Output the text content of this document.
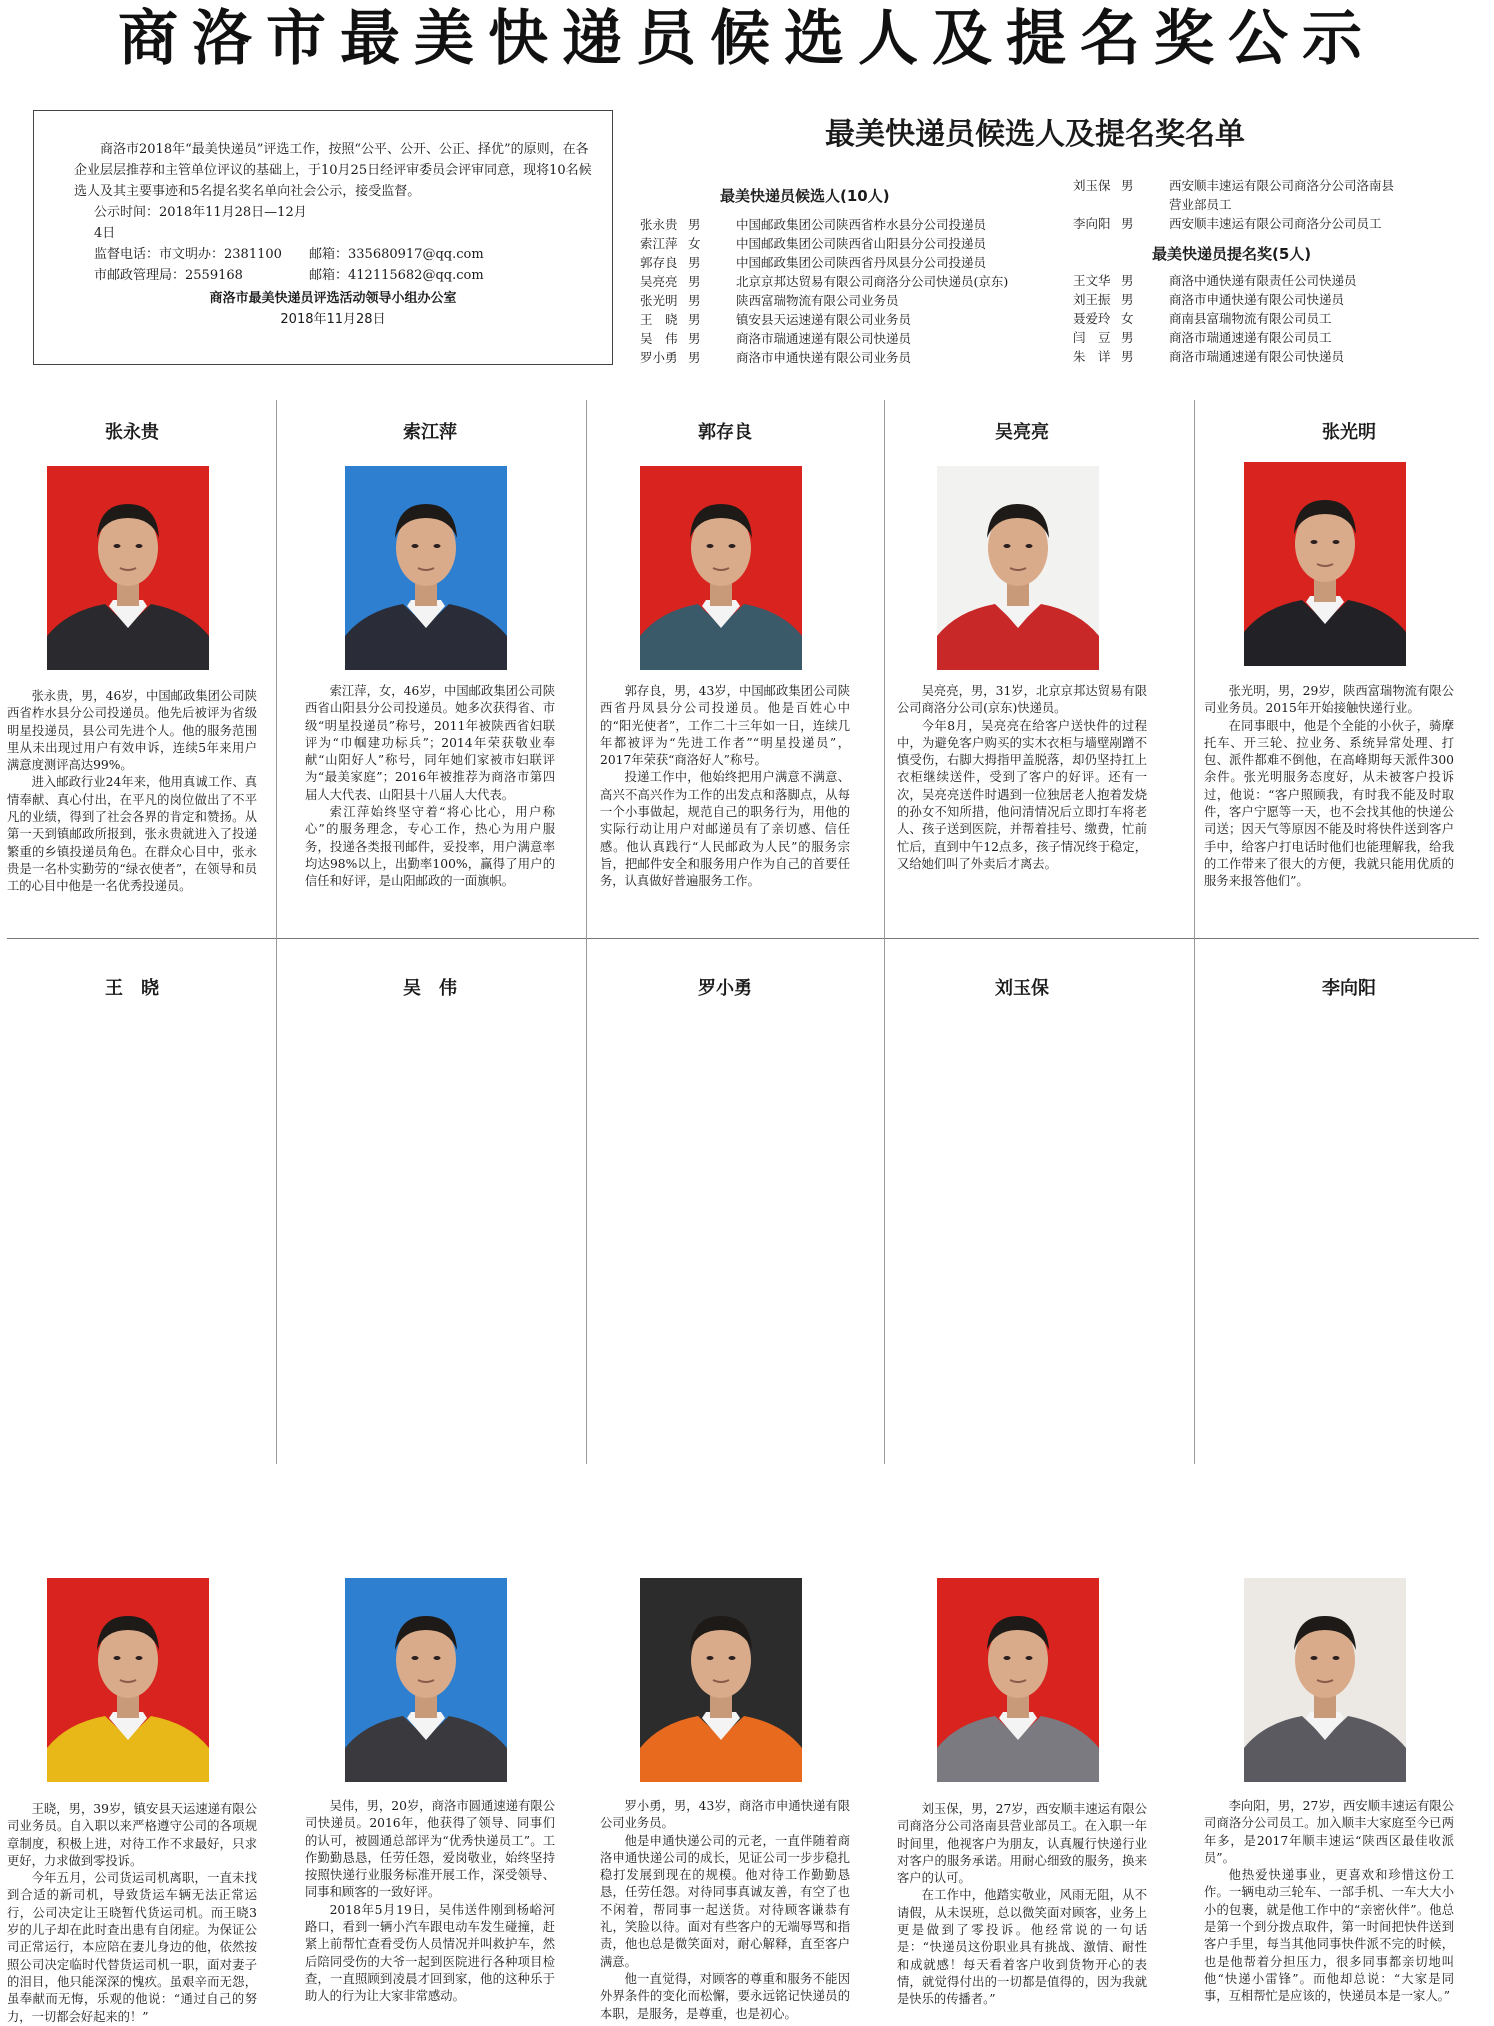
商洛市最美快递员候选人及提名奖公示

商洛市2018年“最美快递员”评选工作，按照“公平、公开、公正、择优”的原则，在各企业层层推荐和主管单位评议的基础上，于10月25日经评审委员会评审同意，现将10名候选人及其主要事迹和5名提名奖名单向社会公示，接受监督。

公示时间：2018年11月28日—12月4日

监督电话：市文明办：2381100	邮箱：335680917@qq.com

市邮政管理局：2559168	邮箱：412115682@qq.com

商洛市最美快递员评选活动领导小组办公室

2018年11月28日

最美快递员候选人及提名奖名单
最美快递员候选人(10人)
张永贵 男	中国邮政集团公司陕西省柞水县分公司投递员
索江萍 女	中国邮政集团公司陕西省山阳县分公司投递员
郭存良 男	中国邮政集团公司陕西省丹凤县分公司投递员
吴亮亮 男	北京京邦达贸易有限公司商洛分公司快递员(京东)
张光明 男	陕西富瑞物流有限公司业务员
王　晓 男	镇安县天运速递有限公司业务员
吴　伟 男	商洛市瑞通速递有限公司快递员
罗小勇 男	商洛市申通快递有限公司业务员
刘玉保 男	西安顺丰速运有限公司商洛分公司洛南县
营业部员工
李向阳 男	西安顺丰速运有限公司商洛分公司员工
最美快递员提名奖(5人)
王文华 男	商洛中通快递有限责任公司快递员
刘王振 男	商洛市申通快递有限公司快递员
聂爱玲 女	商南县富瑞物流有限公司员工
闫　豆 男	商洛市瑞通速递有限公司员工
朱　详 男	商洛市瑞通速递有限公司快递员
张永贵

张永贵，男，46岁，中国邮政集团公司陕西省柞水县分公司投递员。他先后被评为省级明星投递员，县公司先进个人。他的服务范围里从未出现过用户有效申诉，连续5年来用户满意度测评高达99%。

进入邮政行业24年来，他用真诚工作、真情奉献、真心付出，在平凡的岗位做出了不平凡的业绩，得到了社会各界的肯定和赞扬。从第一天到镇邮政所报到，张永贵就进入了投递繁重的乡镇投递员角色。在群众心目中，张永贵是一名朴实勤劳的“绿衣使者”，在领导和员工的心目中他是一名优秀投递员。

索江萍

索江萍，女，46岁，中国邮政集团公司陕西省山阳县分公司投递员。她多次获得省、市级“明星投递员”称号，2011年被陕西省妇联评为“巾帼建功标兵”；2014年荣获敬业奉献“山阳好人”称号，同年她们家被市妇联评为“最美家庭”；2016年被推荐为商洛市第四届人大代表、山阳县十八届人大代表。

索江萍始终坚守着“将心比心，用户称心”的服务理念，专心工作，热心为用户服务，投递各类报刊邮件，妥投率，用户满意率均达98%以上，出勤率100%，赢得了用户的信任和好评，是山阳邮政的一面旗帜。

郭存良

郭存良，男，43岁，中国邮政集团公司陕西省丹凤县分公司投递员。他是百姓心中的“阳光使者”，工作二十三年如一日，连续几年都被评为“先进工作者”“明星投递员”，2017年荣获“商洛好人”称号。

投递工作中，他始终把用户满意不满意、高兴不高兴作为工作的出发点和落脚点，从每一个小事做起，规范自己的职务行为，用他的实际行动让用户对邮递员有了亲切感、信任感。他认真践行“人民邮政为人民”的服务宗旨，把邮件安全和服务用户作为自己的首要任务，认真做好普遍服务工作。

吴亮亮

吴亮亮，男，31岁，北京京邦达贸易有限公司商洛分公司(京东)快递员。

今年8月，吴亮亮在给客户送快件的过程中，为避免客户购买的实木衣柜与墙壁剐蹭不慎受伤，右脚大拇指甲盖脱落，却仍坚持扛上衣柜继续送件，受到了客户的好评。还有一次，吴亮亮送件时遇到一位独居老人抱着发烧的孙女不知所措，他问清情况后立即打车将老人、孩子送到医院，并帮着挂号、缴费，忙前忙后，直到中午12点多，孩子情况终于稳定，又给她们叫了外卖后才离去。

张光明

张光明，男，29岁，陕西富瑞物流有限公司业务员。2015年开始接触快递行业。

在同事眼中，他是个全能的小伙子，骑摩托车、开三轮、拉业务、系统异常处理、打包、派件都难不倒他，在高峰期每天派件300余件。张光明服务态度好，从未被客户投诉过，他说：“客户照顾我，有时我不能及时取件，客户宁愿等一天，也不会找其他的快递公司送；因天气等原因不能及时将快件送到客户手中，给客户打电话时他们也能理解我，给我的工作带来了很大的方便，我就只能用优质的服务来报答他们”。

王　晓

王晓，男，39岁，镇安县天运速递有限公司业务员。自入职以来严格遵守公司的各项规章制度，积极上进，对待工作不求最好，只求更好，力求做到零投诉。

今年五月，公司货运司机离职，一直未找到合适的新司机，导致货运车辆无法正常运行，公司决定让王晓暂代货运司机。而王晓3岁的儿子却在此时查出患有自闭症。为保证公司正常运行，本应陪在妻儿身边的他，依然按照公司决定临时代替货运司机一职，面对妻子的泪目，他只能深深的愧疚。虽艰辛而无怨，虽奉献而无悔，乐观的他说：“通过自己的努力，一切都会好起来的！”

吴　伟

吴伟，男，20岁，商洛市圆通速递有限公司快递员。2016年，他获得了领导、同事们的认可，被圆通总部评为“优秀快递员工”。工作勤勤恳恳，任劳任怨，爱岗敬业，始终坚持按照快递行业服务标准开展工作，深受领导、同事和顾客的一致好评。

2018年5月19日，吴伟送件刚到杨峪河路口，看到一辆小汽车跟电动车发生碰撞，赶紧上前帮忙查看受伤人员情况并叫救护车，然后陪同受伤的大爷一起到医院进行各种项目检查，一直照顾到凌晨才回到家，他的这种乐于助人的行为让大家非常感动。

罗小勇

罗小勇，男，43岁，商洛市申通快递有限公司业务员。

他是申通快递公司的元老，一直伴随着商洛申通快递公司的成长，见证公司一步步稳扎稳打发展到现在的规模。他对待工作勤勤恳恳，任劳任怨。对待同事真诚友善，有空了也不闲着，帮同事一起送货。对待顾客谦恭有礼，笑脸以待。面对有些客户的无端辱骂和指责，他也总是微笑面对，耐心解释，直至客户满意。

他一直觉得，对顾客的尊重和服务不能因外界条件的变化而松懈，要永远铭记快递员的本职，是服务，是尊重，也是初心。

刘玉保

刘玉保，男，27岁，西安顺丰速运有限公司商洛分公司洛南县营业部员工。在入职一年时间里，他视客户为朋友，认真履行快递行业对客户的服务承诺。用耐心细致的服务，换来客户的认可。

在工作中，他踏实敬业，风雨无阻，从不请假，从未误班，总以微笑面对顾客，业务上更是做到了零投诉。他经常说的一句话是：“快递员这份职业具有挑战、激情、耐性和成就感！每天看着客户收到货物开心的表情，就觉得付出的一切都是值得的，因为我就是快乐的传播者。”

李向阳

李向阳，男，27岁，西安顺丰速运有限公司商洛分公司员工。加入顺丰大家庭至今已两年多，是2017年顺丰速运“陕西区最佳收派员”。

他热爱快递事业，更喜欢和珍惜这份工作。一辆电动三轮车、一部手机、一车大大小小的包裹，就是他工作中的“亲密伙伴”。他总是第一个到分拨点取件，第一时间把快件送到客户手里，每当其他同事快件派不完的时候，也是他帮着分担压力，很多同事都亲切地叫他“快递小雷锋”。而他却总说：“大家是同事，互相帮忙是应该的，快递员本是一家人。”
